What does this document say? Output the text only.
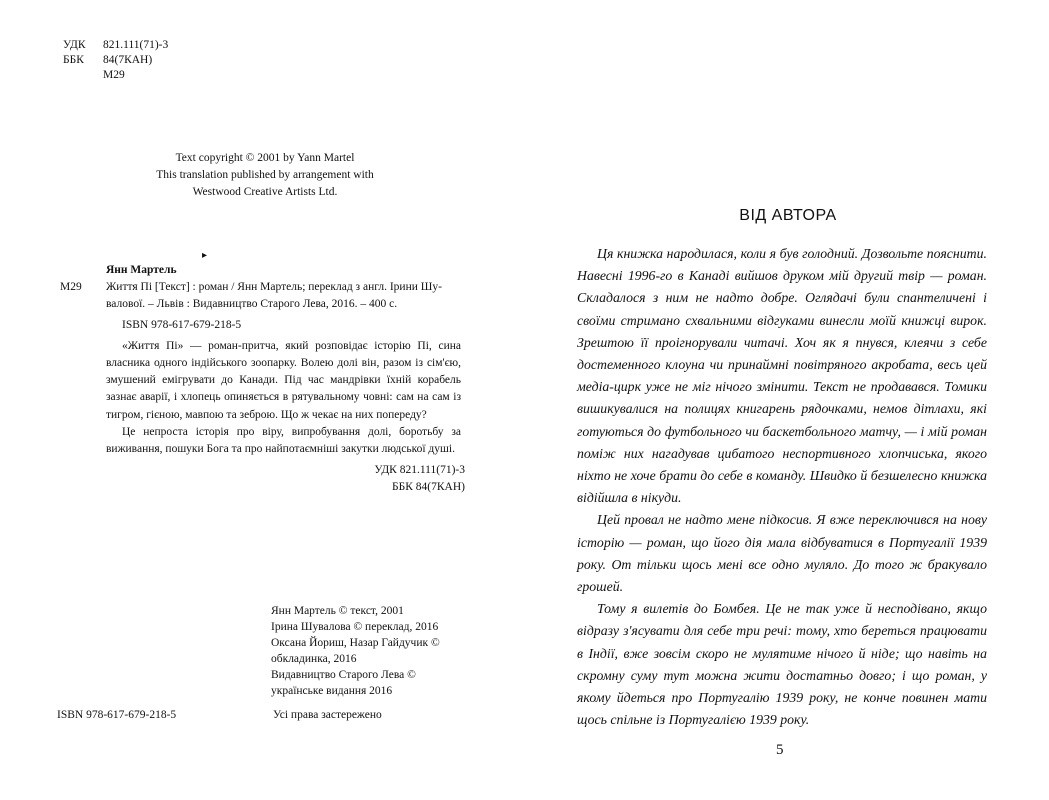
УДК	821.111(71)-3
ББК	84(7КАН)
М29
Text copyright © 2001 by Yann Martel
This translation published by arrangement with
Westwood Creative Artists Ltd.
▸

Янн Мартель

М29	Життя Пі [Текст] : роман / Янн Мартель; переклад з англ. Ірини Шу-

валової. – Львів : Видавництво Старого Лева, 2016. – 400 с.

ISBN 978-617-679-218-5

«Життя Пі» — роман-притча, який розповідає історію Пі, сина власника одного індійського зоопарку. Волею долі він, разом із сім'єю, змушений емігрувати до Канади. Під час мандрівки їхній корабель зазнає аварії, і хлопець опиняється в рятувальному човні: сам на сам із тигром, гієною, мавпою та зеброю. Що ж чекає на них попереду?

Це непроста історія про віру, випробування долі, боротьбу за виживання, пошуки Бога та про найпотаємніші закутки людської душі.

УДК 821.111(71)-3

ББК 84(7КАН)

Янн Мартель © текст, 2001
Ірина Шувалова © переклад, 2016
Оксана Йориш, Назар Гайдучик ©
обкладинка, 2016
Видавництво Старого Лева ©
українське видання 2016
ISBN 978-617-679-218-5	Усі права застережено
ВІД АВТОРА

Ця книжка народилася, коли я був голодний. Дозвольте пояснити. Навесні 1996-го в Канаді вийшов друком мій другий твір — роман. Складалося з ним не надто добре. Оглядачі були спантеличені і своїми стримано схвальними відгуками винесли моїй книжці вирок. Зрештою її проігнорували читачі. Хоч як я пнувся, клеячи з себе достеменного клоуна чи принаймні повітряного акробата, весь цей медіа-цирк уже не міг нічого змінити. Текст не продавався. Томики вишикувалися на полицях книгарень рядочками, немов дітлахи, які готуються до футбольного чи баскетбольного матчу, — і мій роман поміж них нагадував цибатого неспортивного хлопчиська, якого ніхто не хоче брати до себе в команду. Швидко й безшелесно книжка відійшла в нікуди.

Цей провал не надто мене підкосив. Я вже переключився на нову історію — роман, що його дія мала відбуватися в Португалії 1939 року. От тільки щось мені все одно муляло. До того ж бракувало грошей.

Тому я вилетів до Бомбея. Це не так уже й несподівано, якщо відразу з'ясувати для себе три речі: тому, хто береться працювати в Індії, вже зовсім скоро не мулятиме нічого й ніде; що навіть на скромну суму тут можна жити достатньо довго; і що роман, у якому йдеться про Португалію 1939 року, не конче повинен мати щось спільне із Португалією 1939 року.

5
